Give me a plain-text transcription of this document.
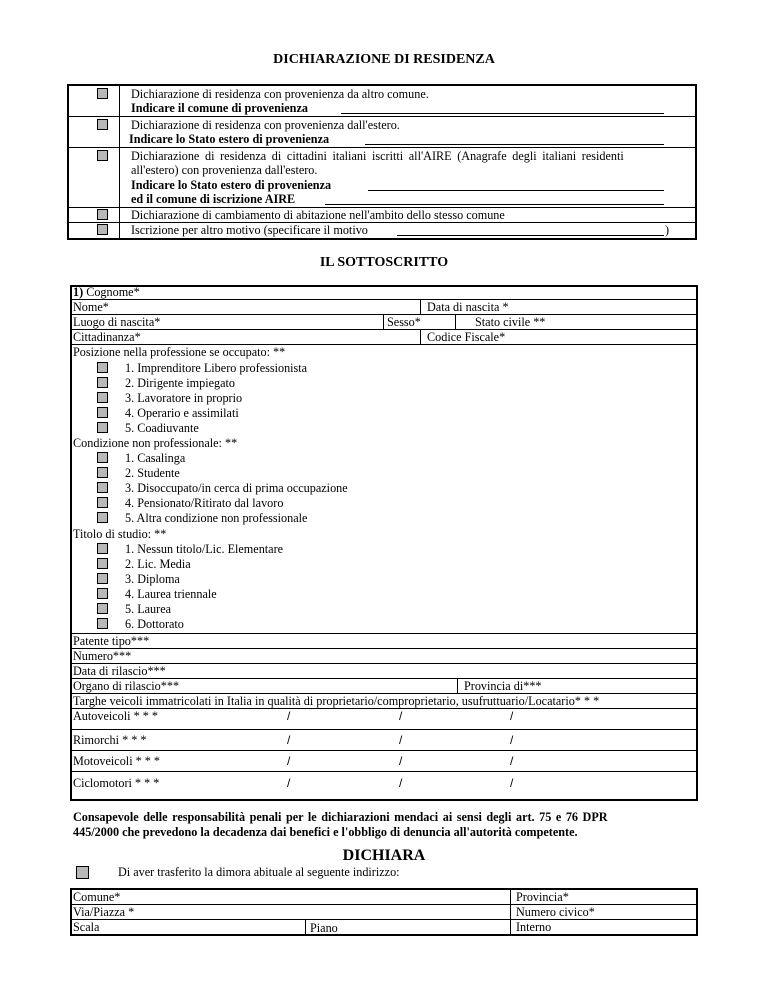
DICHIARAZIONE DI RESIDENZA
Dichiarazione di residenza con provenienza da altro comune.
Indicare il comune di provenienza
Dichiarazione di residenza con provenienza dall'estero.
Indicare lo Stato estero di provenienza
Dichiarazione di residenza di cittadini italiani iscritti all'AIRE (Anagrafe degli italiani residenti
all'estero) con provenienza dall'estero.
Indicare lo Stato estero di provenienza
ed il comune di iscrizione AIRE
Dichiarazione di cambiamento di abitazione nell'ambito dello stesso comune
Iscrizione per altro motivo (specificare il motivo	)
IL SOTTOSCRITTO
1) Cognome*
Nome*	Data di nascita *
Luogo di nascita*	Sesso*	Stato civile **
Cittadinanza*	Codice Fiscale*
Posizione nella professione se occupato: **
1. Imprenditore Libero professionista
2. Dirigente impiegato
3. Lavoratore in proprio
4. Operario e assimilati
5. Coadiuvante
Condizione non professionale: **
1. Casalinga
2. Studente
3. Disoccupato/in cerca di prima occupazione
4. Pensionato/Ritirato dal lavoro
5. Altra condizione non professionale
Titolo di studio: **
1. Nessun titolo/Lic. Elementare
2. Lic. Media
3. Diploma
4. Laurea triennale
5. Laurea
6. Dottorato
Patente tipo***
Numero***
Data di rilascio***
Organo di rilascio***	Provincia di***
Targhe veicoli immatricolati in Italia in qualità di proprietario/comproprietario, usufruttuario/Locatario* * *
Autoveicoli * * *	/	/	/
Rimorchi * * *	/	/	/
Motoveicoli * * *	/	/	/
Ciclomotori * * *	/	/	/
Consapevole delle responsabilità penali per le dichiarazioni mendaci ai sensi degli art. 75 e 76 DPR
445/2000 che prevedono la decadenza dai benefici e l'obbligo di denuncia all'autorità competente.
DICHIARA
Di aver trasferito la dimora abituale al seguente indirizzo:
Comune*	Provincia*
Via/Piazza *	Numero civico*
Scala	Piano	Interno
